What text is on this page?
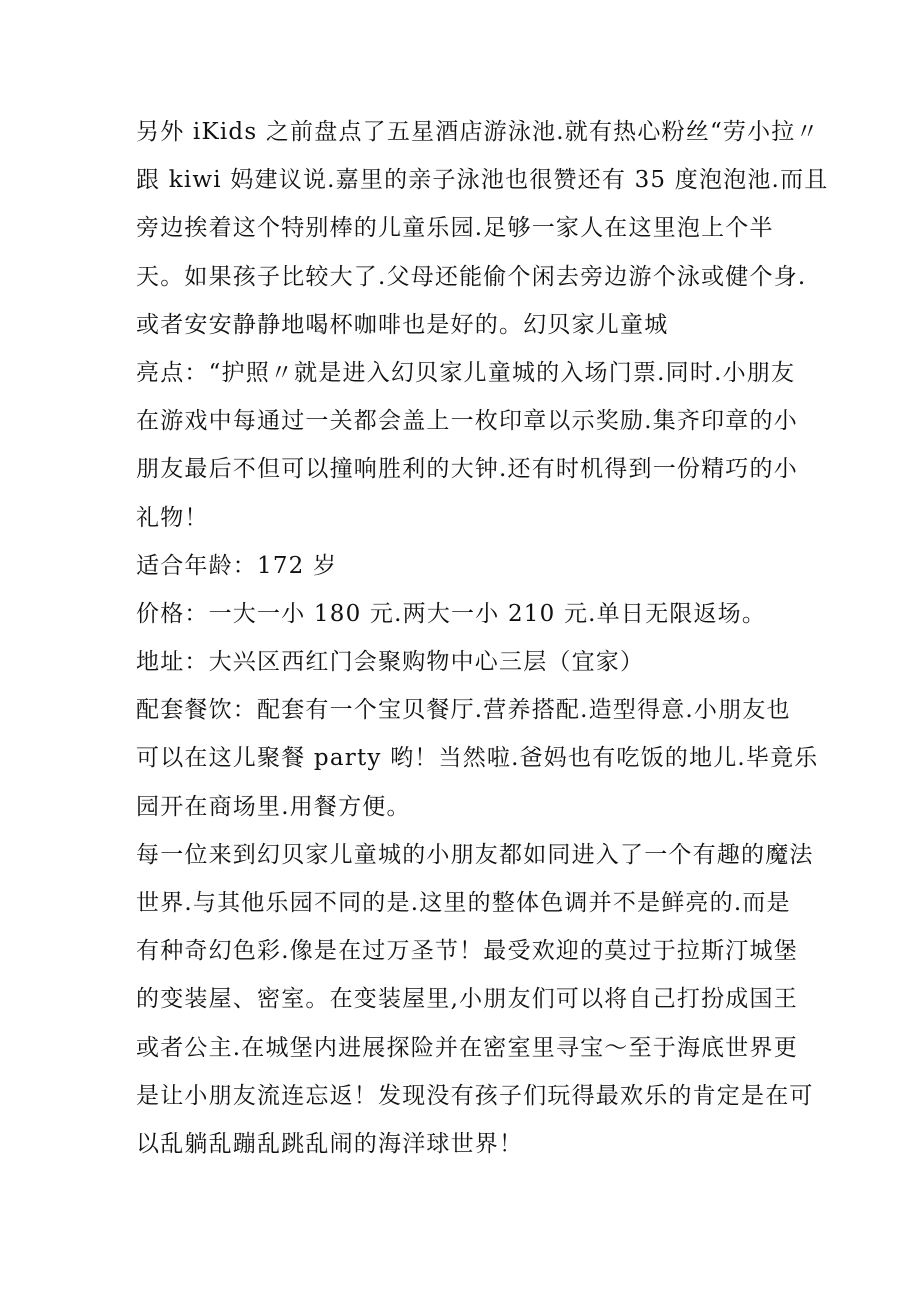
另外 iKids 之前盘点了五星酒店游泳池.就有热心粉丝“劳小拉〃
跟 kiwi 妈建议说.嘉里的亲子泳池也很赞还有 35 度泡泡池.而且
旁边挨着这个特别棒的儿童乐园.足够一家人在这里泡上个半
天。如果孩子比较大了.父母还能偷个闲去旁边游个泳或健个身.
或者安安静静地喝杯咖啡也是好的。幻贝家儿童城
亮点：“护照〃就是进入幻贝家儿童城的入场门票.同时.小朋友
在游戏中每通过一关都会盖上一枚印章以示奖励.集齐印章的小
朋友最后不但可以撞响胜利的大钟.还有时机得到一份精巧的小
礼物！
适合年龄：172 岁
价格：一大一小 180 元.两大一小 210 元.单日无限返场。
地址：大兴区西红门会聚购物中心三层（宜家）
配套餐饮：配套有一个宝贝餐厅.营养搭配.造型得意.小朋友也
可以在这儿聚餐 party 哟！当然啦.爸妈也有吃饭的地儿.毕竟乐
园开在商场里.用餐方便。
每一位来到幻贝家儿童城的小朋友都如同进入了一个有趣的魔法
世界.与其他乐园不同的是.这里的整体色调并不是鲜亮的.而是
有种奇幻色彩.像是在过万圣节！最受欢迎的莫过于拉斯汀城堡
的变装屋、密室。在变装屋里,小朋友们可以将自己打扮成国王
或者公主.在城堡内进展探险并在密室里寻宝～至于海底世界更
是让小朋友流连忘返！发现没有孩子们玩得最欢乐的肯定是在可
以乱躺乱蹦乱跳乱闹的海洋球世界！
